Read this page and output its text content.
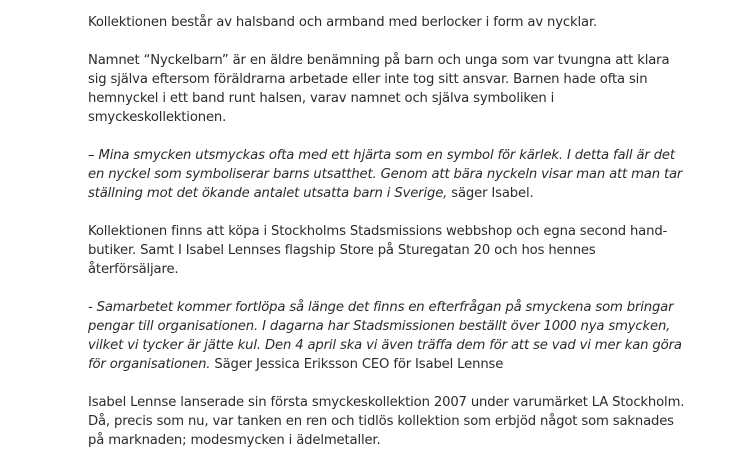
Kollektionen består av halsband och armband med berlocker i form av nycklar.

Namnet “Nyckelbarn” är en äldre benämning på barn och unga som var tvungna att klara sig själva eftersom föräldrarna arbetade eller inte tog sitt ansvar. Barnen hade ofta sin hemnyckel i ett band runt halsen, varav namnet och själva symboliken i smyckeskollektionen.

– Mina smycken utsmyckas ofta med ett hjärta som en symbol för kärlek. I detta fall är det en nyckel som symboliserar barns utsatthet. Genom att bära nyckeln visar man att man tar ställning mot det ökande antalet utsatta barn i Sverige, säger Isabel.

Kollektionen finns att köpa i Stockholms Stadsmissions webbshop och egna second hand-butiker. Samt I Isabel Lennses flagship Store på Sturegatan 20 och hos hennes återförsäljare.

- Samarbetet kommer fortlöpa så länge det finns en efterfrågan på smyckena som bringar pengar till organisationen. I dagarna har Stadsmissionen beställt över 1000 nya smycken, vilket vi tycker är jätte kul. Den 4 april ska vi även träffa dem för att se vad vi mer kan göra för organisationen. Säger Jessica Eriksson CEO för Isabel Lennse

Isabel Lennse lanserade sin första smyckeskollektion 2007 under varumärket LA Stockholm. Då, precis som nu, var tanken en ren och tidlös kollektion som erbjöd något som saknades på marknaden; modesmycken i ädelmetaller.
